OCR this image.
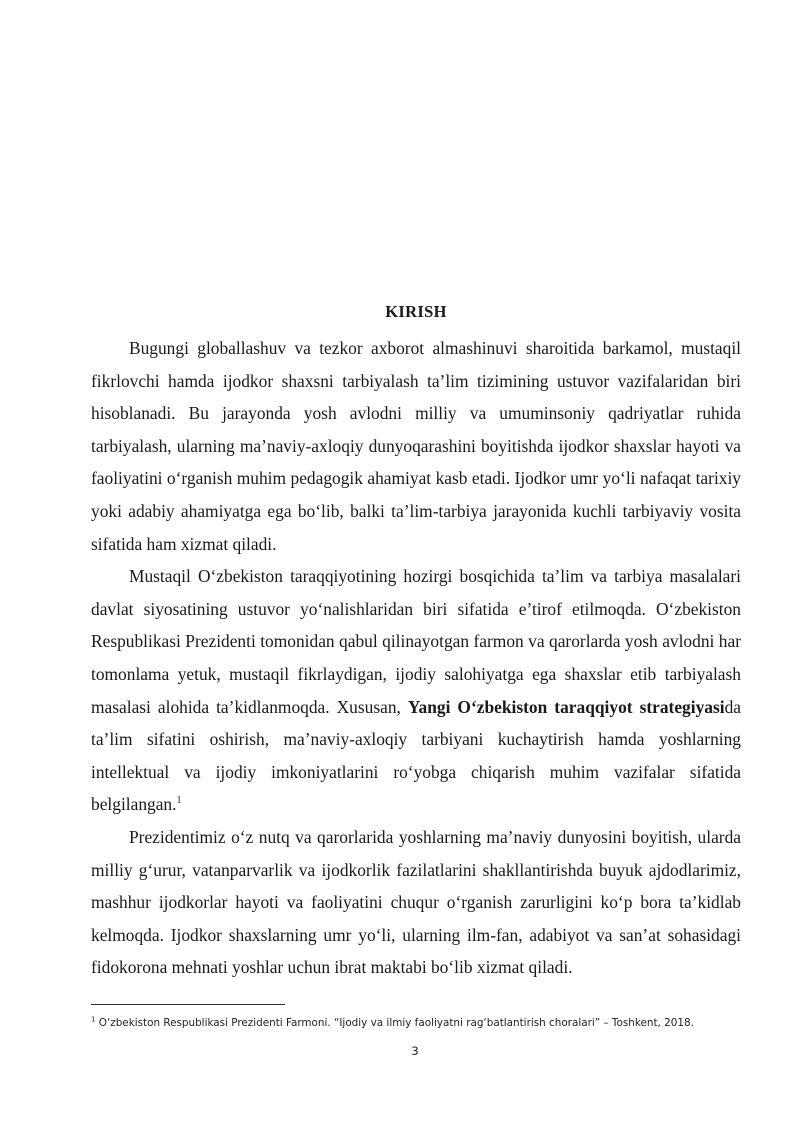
KIRISH

Bugungi globallashuv va tezkor axborot almashinuvi sharoitida barkamol, mustaqil fikrlovchi hamda ijodkor shaxsni tarbiyalash ta’lim tizimining ustuvor vazifalaridan biri hisoblanadi. Bu jarayonda yosh avlodni milliy va umuminsoniy qadriyatlar ruhida tarbiyalash, ularning ma’naviy-axloqiy dunyoqarashini boyitishda ijodkor shaxslar hayoti va faoliyatini o‘rganish muhim pedagogik ahamiyat kasb etadi. Ijodkor umr yo‘li nafaqat tarixiy yoki adabiy ahamiyatga ega bo‘lib, balki ta’lim-tarbiya jarayonida kuchli tarbiyaviy vosita sifatida ham xizmat qiladi.

Mustaqil O‘zbekiston taraqqiyotining hozirgi bosqichida ta’lim va tarbiya masalalari davlat siyosatining ustuvor yo‘nalishlaridan biri sifatida e’tirof etilmoqda. O‘zbekiston Respublikasi Prezidenti tomonidan qabul qilinayotgan farmon va qarorlarda yosh avlodni har tomonlama yetuk, mustaqil fikrlaydigan, ijodiy salohiyatga ega shaxslar etib tarbiyalash masalasi alohida ta’kidlanmoqda. Xususan, Yangi O‘zbekiston taraqqiyot strategiyasida ta’lim sifatini oshirish, ma’naviy-axloqiy tarbiyani kuchaytirish hamda yoshlarning intellektual va ijodiy imkoniyatlarini ro‘yobga chiqarish muhim vazifalar sifatida belgilangan.$^1$

Prezidentimiz o‘z nutq va qarorlarida yoshlarning ma’naviy dunyosini boyitish, ularda milliy g‘urur, vatanparvarlik va ijodkorlik fazilatlarini shakllantirishda buyuk ajdodlarimiz, mashhur ijodkorlar hayoti va faoliyatini chuqur o‘rganish zarurligini ko‘p bora ta’kidlab kelmoqda. Ijodkor shaxslarning umr yo‘li, ularning ilm-fan, adabiyot va san’at sohasidagi fidokorona mehnati yoshlar uchun ibrat maktabi bo‘lib xizmat qiladi.

$^1$ O‘zbekiston Respublikasi Prezidenti Farmoni. “Ijodiy va ilmiy faoliyatni rag‘batlantirish choralari” – Toshkent, 2018.
3
